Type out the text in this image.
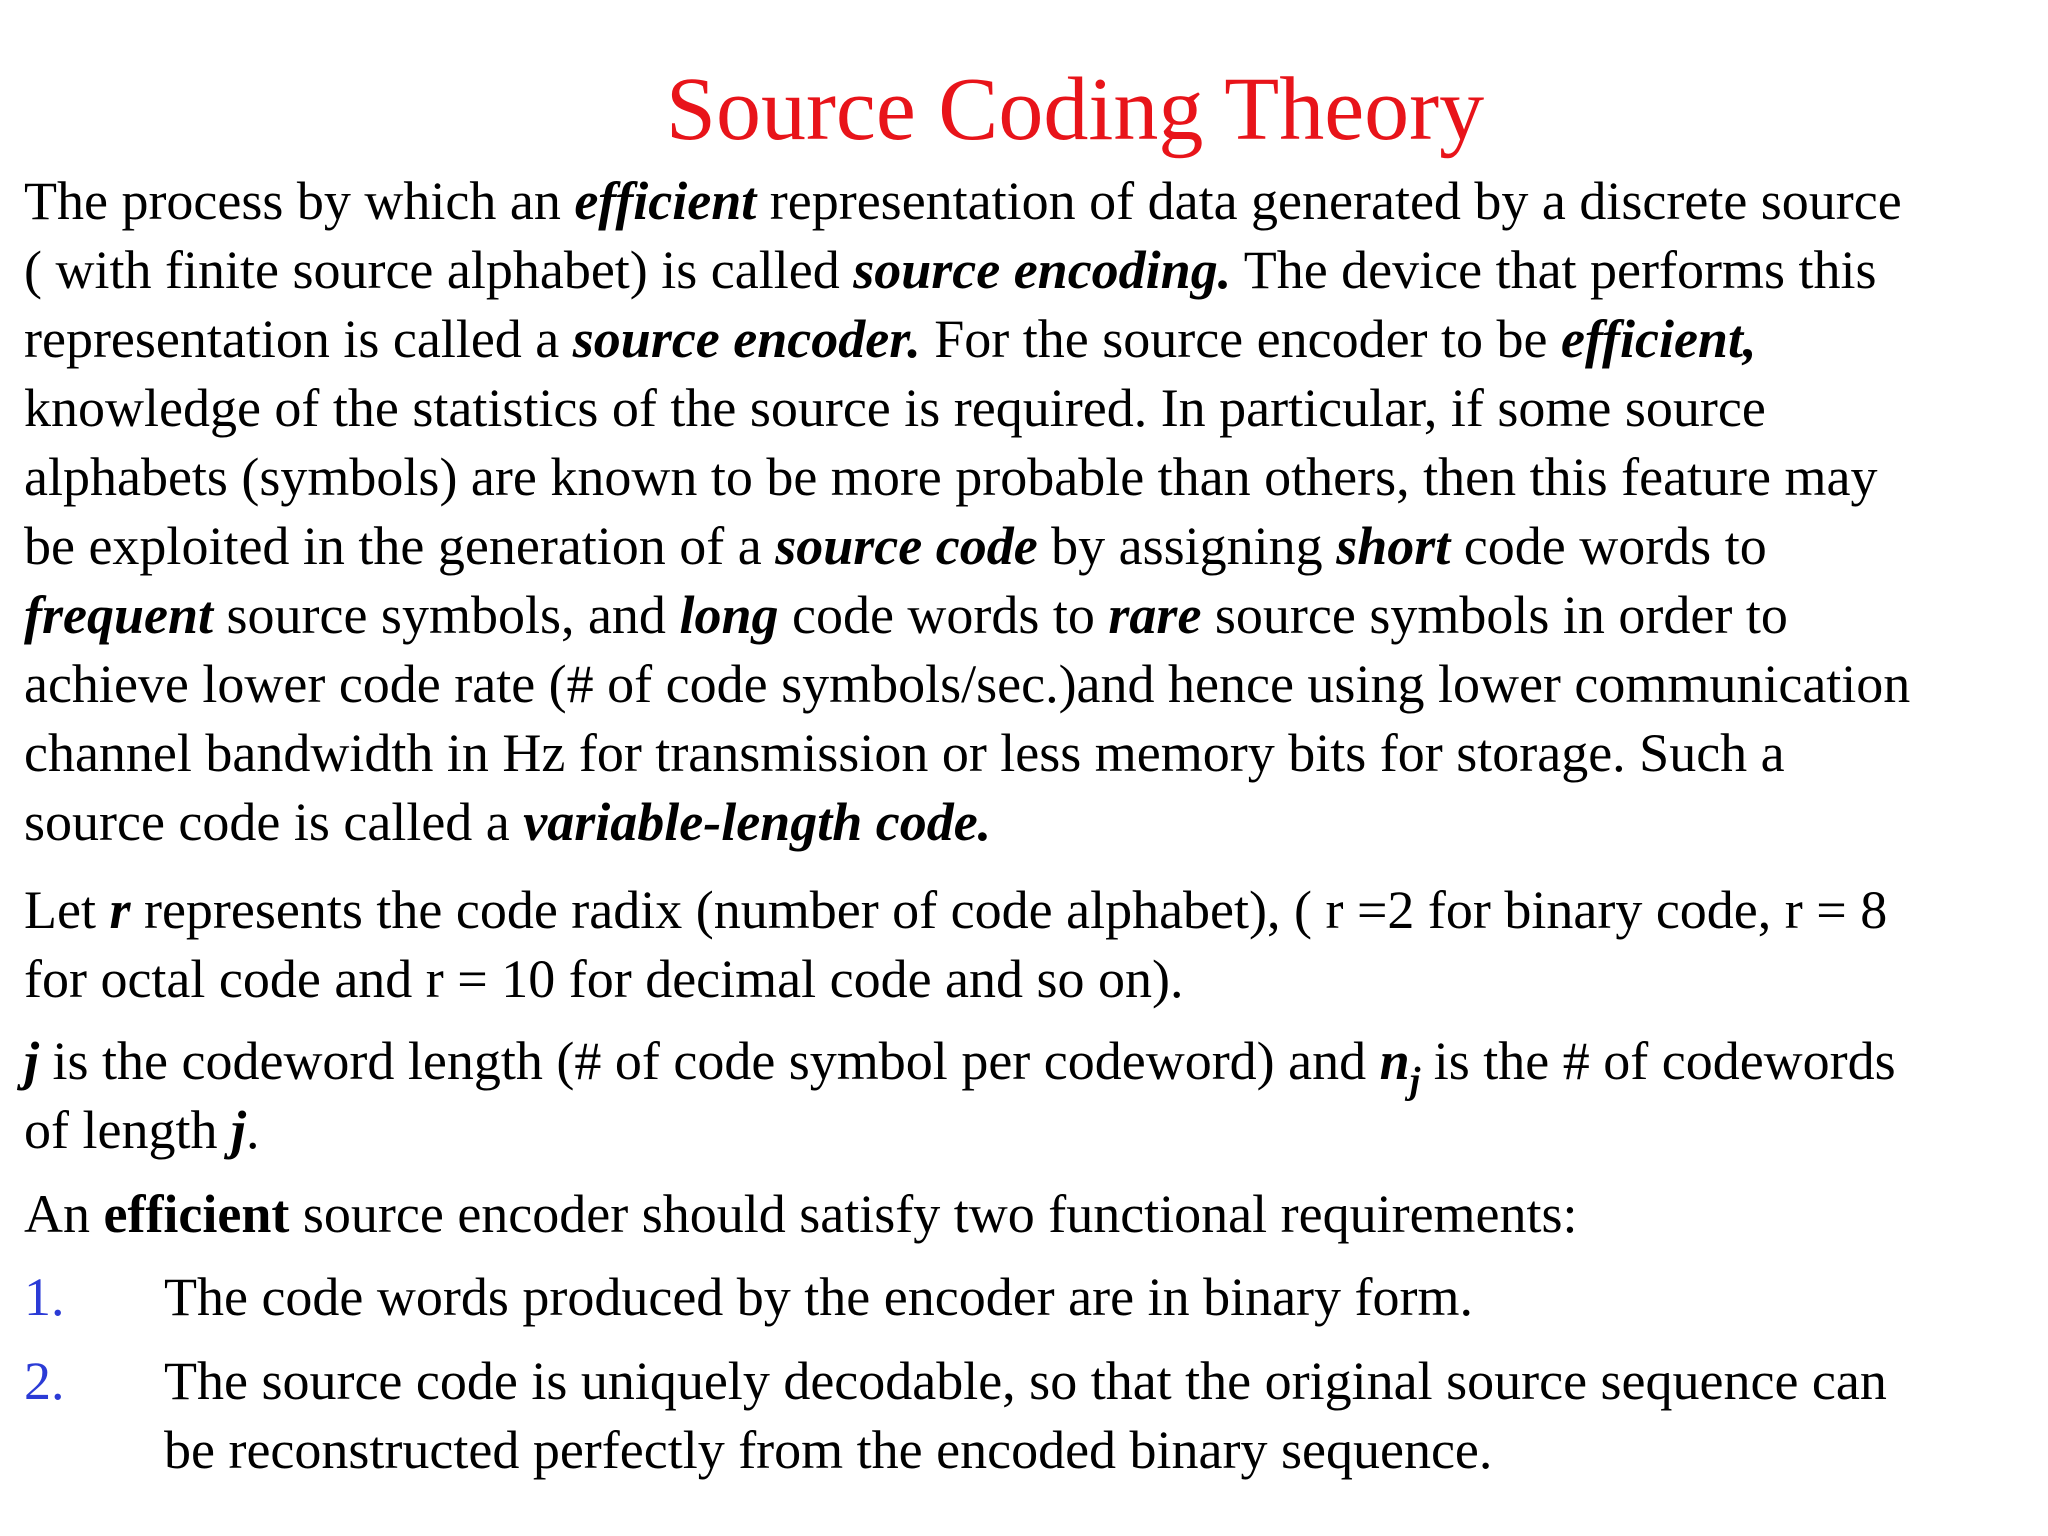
Source Coding Theory
The process by which an efficient representation of data generated by a discrete source
( with finite source alphabet) is called source encoding. The device that performs this
representation is called a source encoder. For the source encoder to be efficient,
knowledge of the statistics of the source is required. In particular, if some source
alphabets (symbols) are known to be more probable than others, then this feature may
be exploited in the generation of a source code by assigning short code words to
frequent source symbols, and long code words to rare source symbols in order to
achieve lower code rate (# of code symbols/sec.)and hence using lower communication
channel bandwidth in Hz for transmission or less memory bits for storage. Such a
source code is called a variable-length code.
Let r represents the code radix (number of code alphabet), ( r =2 for binary code, r = 8
for octal code and r = 10 for decimal code and so on).
j is the codeword length (# of code symbol per codeword) and $n_j$ is the # of codewords
of length j.
An efficient source encoder should satisfy two functional requirements:
1. The code words produced by the encoder are in binary form.
2. The source code is uniquely decodable, so that the original source sequence can
be reconstructed perfectly from the encoded binary sequence.
